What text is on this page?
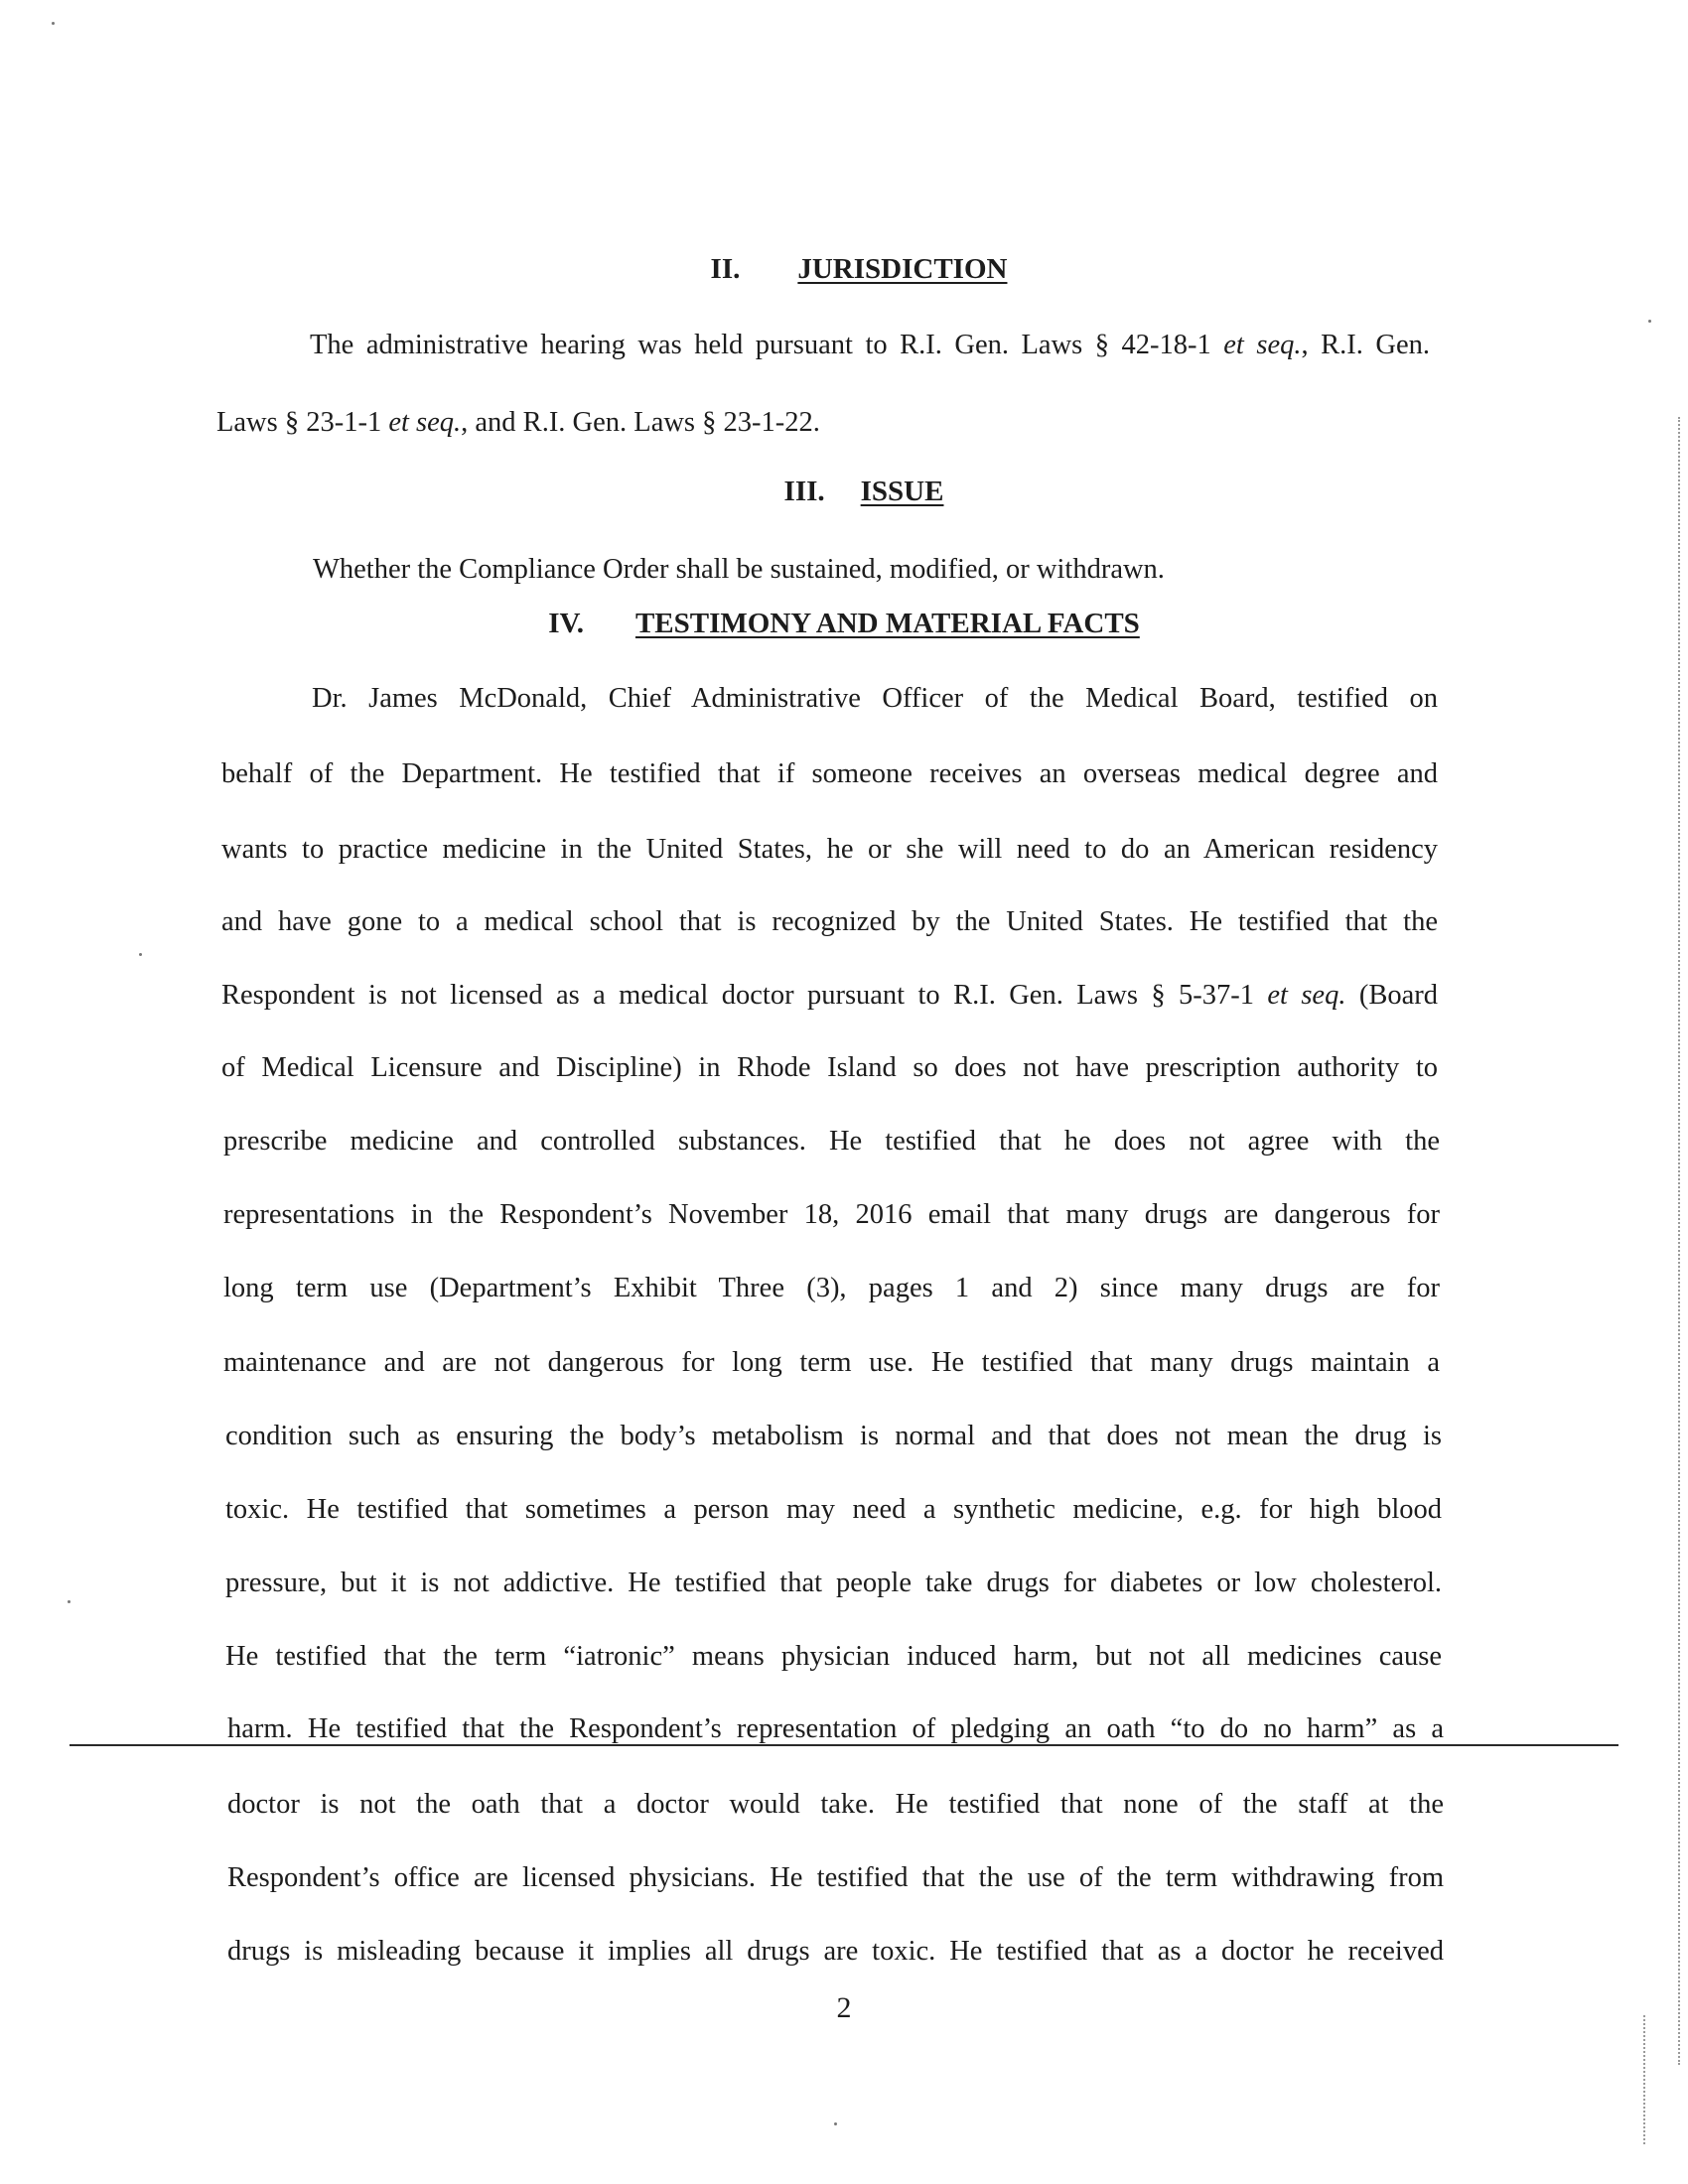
II. JURISDICTION
The administrative hearing was held pursuant to R.I. Gen. Laws § 42-18-1 et seq., R.I. Gen.
Laws § 23-1-1 et seq., and R.I. Gen. Laws § 23-1-22.
III. ISSUE
Whether the Compliance Order shall be sustained, modified, or withdrawn.
IV. TESTIMONY AND MATERIAL FACTS
Dr. James McDonald, Chief Administrative Officer of the Medical Board, testified on
behalf of the Department. He testified that if someone receives an overseas medical degree and
wants to practice medicine in the United States, he or she will need to do an American residency
and have gone to a medical school that is recognized by the United States. He testified that the
Respondent is not licensed as a medical doctor pursuant to R.I. Gen. Laws § 5-37-1 et seq. (Board
of Medical Licensure and Discipline) in Rhode Island so does not have prescription authority to
prescribe medicine and controlled substances. He testified that he does not agree with the
representations in the Respondent’s November 18, 2016 email that many drugs are dangerous for
long term use (Department’s Exhibit Three (3), pages 1 and 2) since many drugs are for
maintenance and are not dangerous for long term use. He testified that many drugs maintain a
condition such as ensuring the body’s metabolism is normal and that does not mean the drug is
toxic. He testified that sometimes a person may need a synthetic medicine, e.g. for high blood
pressure, but it is not addictive. He testified that people take drugs for diabetes or low cholesterol.
He testified that the term “iatronic” means physician induced harm, but not all medicines cause
harm. He testified that the Respondent’s representation of pledging an oath “to do no harm” as a
doctor is not the oath that a doctor would take. He testified that none of the staff at the
Respondent’s office are licensed physicians. He testified that the use of the term withdrawing from
drugs is misleading because it implies all drugs are toxic. He testified that as a doctor he received
2
